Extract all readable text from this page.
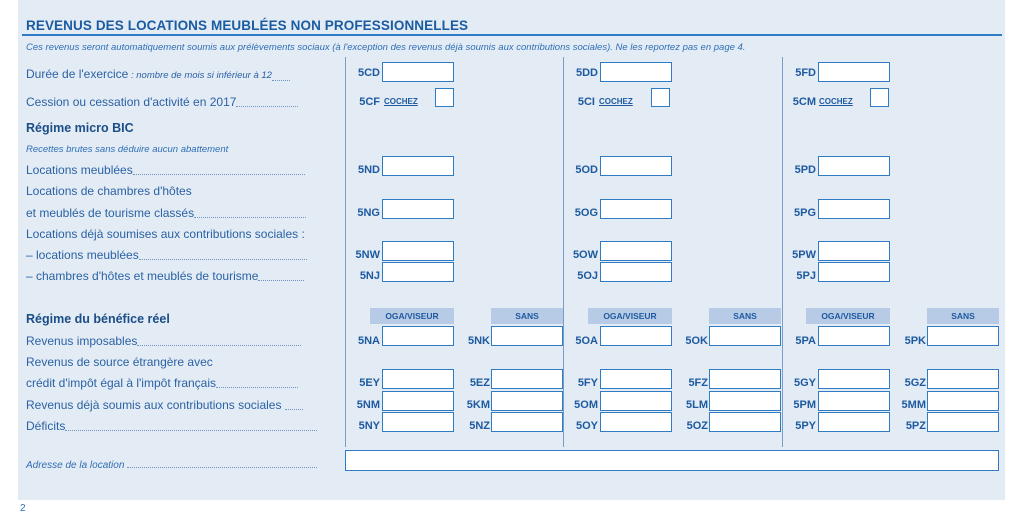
REVENUS DES LOCATIONS MEUBLÉES NON PROFESSIONNELLES
Ces revenus seront automatiquement soumis aux prélèvements sociaux (à l'exception des revenus déjà soumis aux contributions sociales). Ne les reportez pas en page 4.
Durée de l'exercice : nombre de mois si inférieur à 12	5CD	5DD	5FD
Cession ou cessation d'activité en 2017	5CF COCHEZ	5CI COCHEZ	5CM COCHEZ
Régime micro BIC
Recettes brutes sans déduire aucun abattement
Locations meublées	5ND	5OD	5PD
Locations de chambres d'hôtes
et meublés de tourisme classés	5NG	5OG	5PG
Locations déjà soumises aux contributions sociales :
– locations meublées	5NW	5OW	5PW
– chambres d'hôtes et meublés de tourisme	5NJ	5OJ	5PJ
Régime du bénéfice réel	OGA/VISEUR	SANS	OGA/VISEUR	SANS	OGA/VISEUR	SANS
Revenus imposables	5NA	5NK	5OA	5OK	5PA	5PK
Revenus de source étrangère avec
crédit d'impôt égal à l'impôt français	5EY	5EZ	5FY	5FZ	5GY	5GZ
Revenus déjà soumis aux contributions sociales	5NM	5KM	5OM	5LM	5PM	5MM
Déficits	5NY	5NZ	5OY	5OZ	5PY	5PZ
Adresse de la location
2
